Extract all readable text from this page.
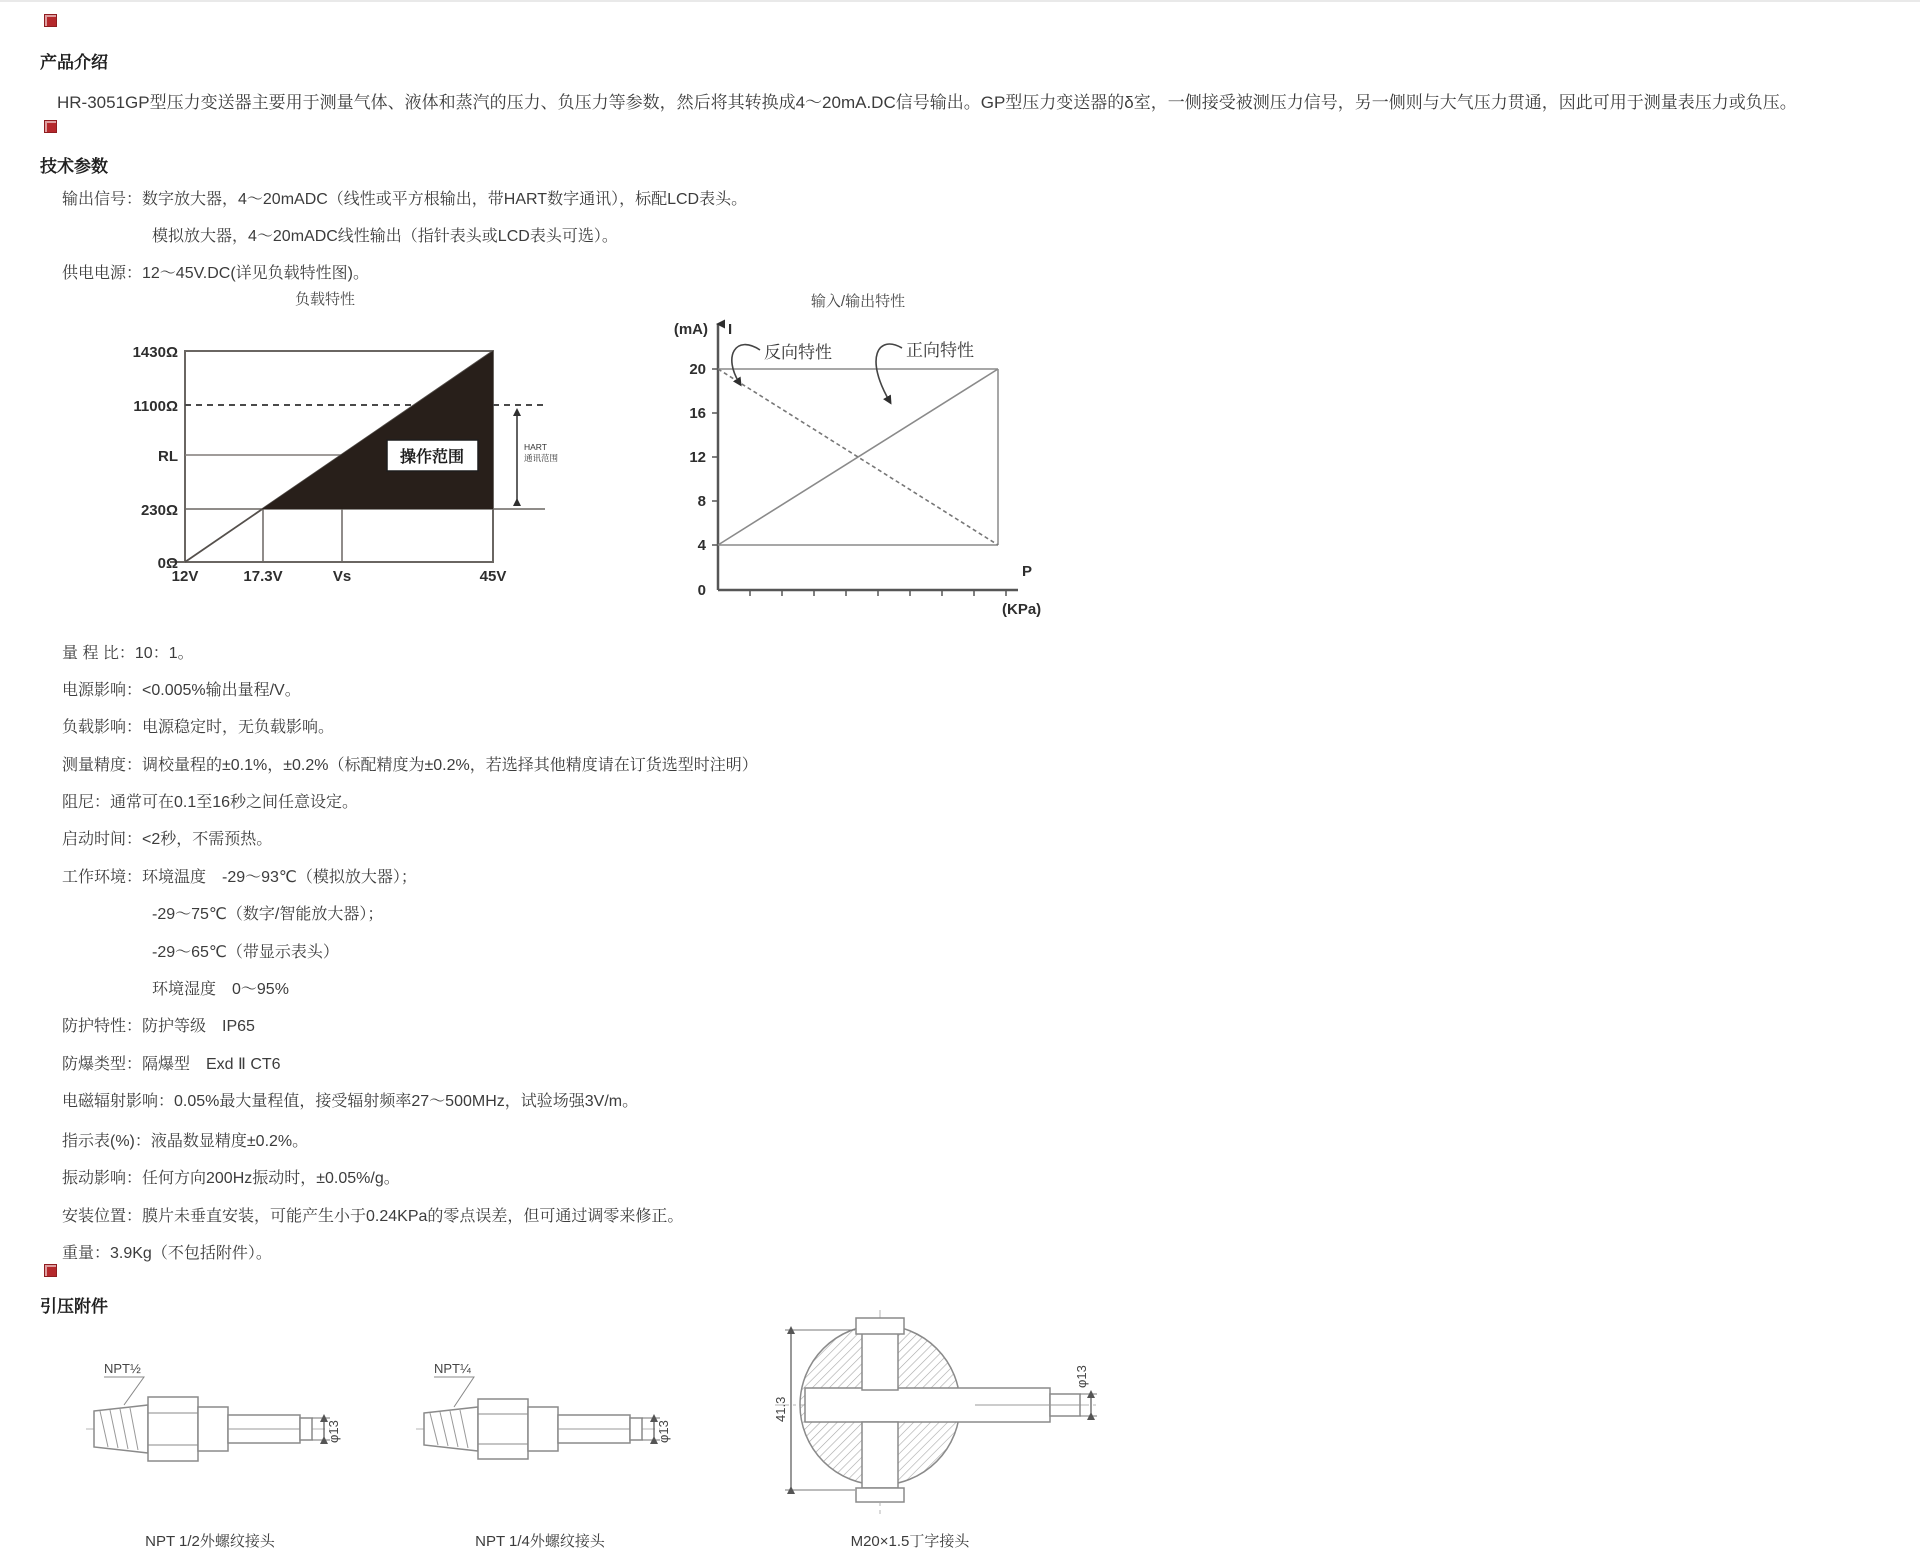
产品介绍
HR-3051GP型压力变送器主要用于测量气体、液体和蒸汽的压力、负压力等参数，然后将其转换成4～20mA.DC信号输出。GP型压力变送器的δ室，一侧接受被测压力信号，另一侧则与大气压力贯通，因此可用于测量表压力或负压。
技术参数
输出信号：数字放大器，4～20mADC（线性或平方根输出，带HART数字通讯），标配LCD表头。
模拟放大器，4～20mADC线性输出（指针表头或LCD表头可选）。
供电电源：12～45V.DC(详见负载特性图)。
负载特性
操作范围
HART
通讯范围
1430Ω
1100Ω
RL
230Ω
0Ω
12V	17.3V	Vs	45V
输入/输出特性
反向特性	正向特性
(mA) I
20
16
12
8
4
0
P
(KPa)
量 程 比：10：1。
电源影响：<0.005%输出量程/V。
负载影响：电源稳定时，无负载影响。
测量精度：调校量程的±0.1%，±0.2%（标配精度为±0.2%，若选择其他精度请在订货选型时注明）
阻尼：通常可在0.1至16秒之间任意设定。
启动时间：<2秒，不需预热。
工作环境：环境温度　-29～93℃（模拟放大器）；
-29～75℃（数字/智能放大器）；
-29～65℃（带显示表头）
环境湿度　0～95%
防护特性：防护等级　IP65
防爆类型：隔爆型　Exd Ⅱ CT6
电磁辐射影响：0.05%最大量程值，接受辐射频率27～500MHz，试验场强3V/m。
指示表(%)：液晶数显精度±0.2%。
振动影响：任何方向200Hz振动时，±0.05%/g。
安装位置：膜片未垂直安装，可能产生小于0.24KPa的零点误差，但可通过调零来修正。
重量：3.9Kg（不包括附件）。
引压附件
φ13
NPT½
φ13
NPT¼
41.3
φ13
NPT 1/2外螺纹接头	NPT 1/4外螺纹接头	M20×1.5丁字接头
